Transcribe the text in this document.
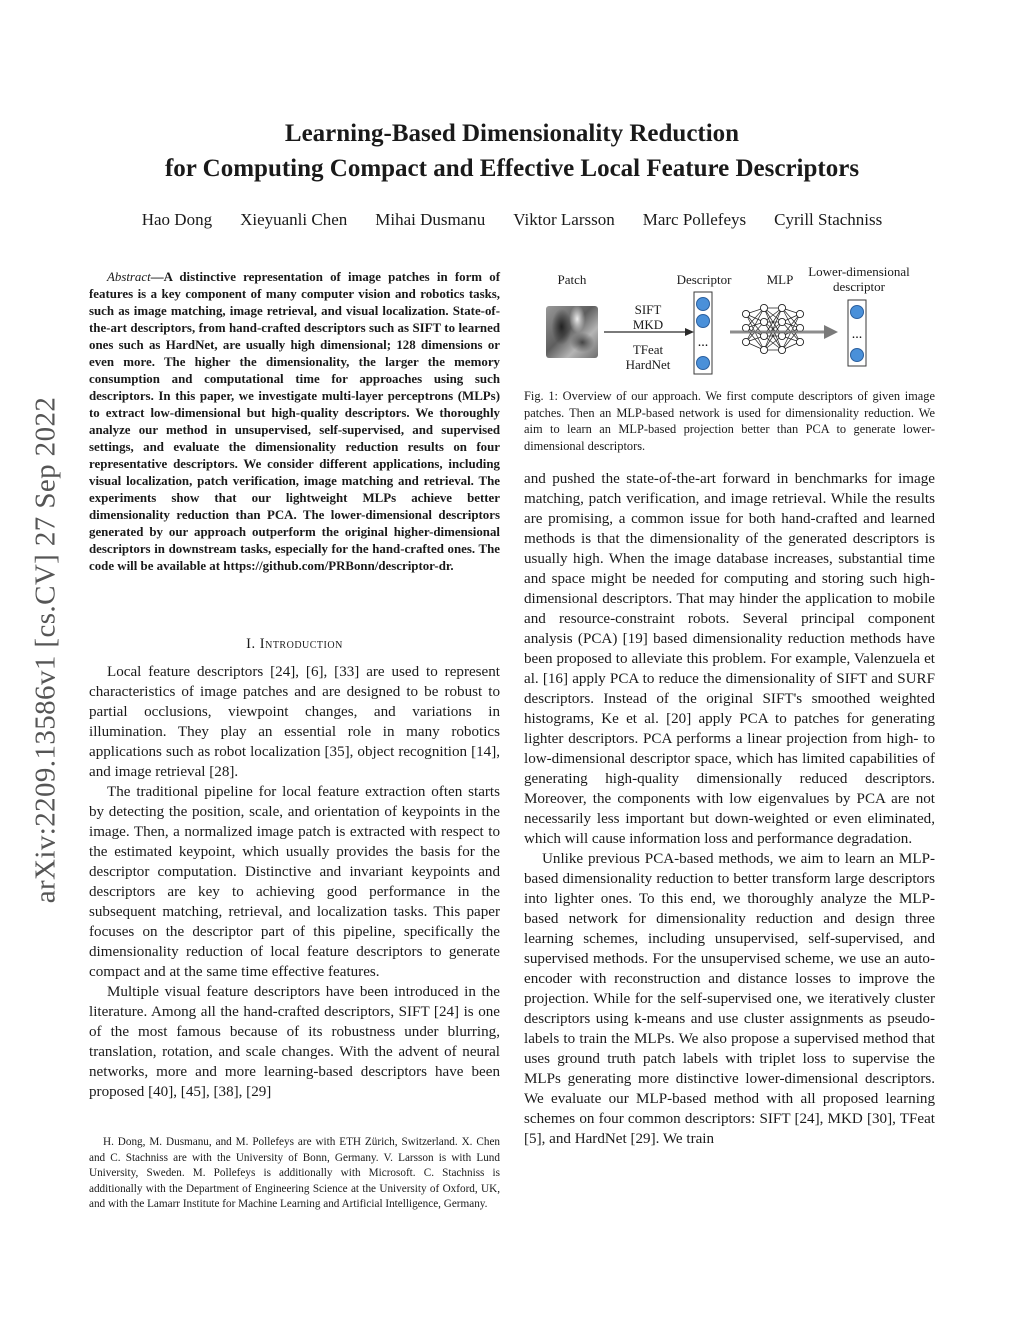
arXiv:2209.13586v1 [cs.CV] 27 Sep 2022
Learning-Based Dimensionality Reduction
for Computing Compact and Effective Local Feature Descriptors
Hao Dong Xieyuanli Chen Mihai Dusmanu Viktor Larsson Marc Pollefeys Cyrill Stachniss

Abstract—A distinctive representation of image patches in form of features is a key component of many computer vision and robotics tasks, such as image matching, image retrieval, and visual localization. State-of-the-art descriptors, from hand-crafted descriptors such as SIFT to learned ones such as HardNet, are usually high dimensional; 128 dimensions or even more. The higher the dimensionality, the larger the memory consumption and computational time for approaches using such descriptors. In this paper, we investigate multi-layer perceptrons (MLPs) to extract low-dimensional but high-quality descriptors. We thoroughly analyze our method in unsupervised, self-supervised, and supervised settings, and evaluate the dimensionality reduction results on four representative descriptors. We consider different applications, including visual localization, patch verification, image matching and retrieval. The experiments show that our lightweight MLPs achieve better dimensionality reduction than PCA. The lower-dimensional descriptors generated by our approach outperform the original higher-dimensional descriptors in downstream tasks, especially for the hand-crafted ones. The code will be available at https://github.com/PRBonn/descriptor-dr.

I. Introduction

Local feature descriptors [24], [6], [33] are used to represent characteristics of image patches and are designed to be robust to partial occlusions, viewpoint changes, and variations in illumination. They play an essential role in many robotics applications such as robot localization [35], object recognition [14], and image retrieval [28].

The traditional pipeline for local feature extraction often starts by detecting the position, scale, and orientation of keypoints in the image. Then, a normalized image patch is extracted with respect to the estimated keypoint, which usually provides the basis for the descriptor computation. Distinctive and invariant keypoints and descriptors are key to achieving good performance in the subsequent matching, retrieval, and localization tasks. This paper focuses on the descriptor part of this pipeline, specifically the dimensionality reduction of local feature descriptors to generate compact and at the same time effective features.

Multiple visual feature descriptors have been introduced in the literature. Among all the hand-crafted descriptors, SIFT [24] is one of the most famous because of its robustness under blurring, translation, rotation, and scale changes. With the advent of neural networks, more and more learning-based descriptors have been proposed [40], [45], [38], [29]

H. Dong, M. Dusmanu, and M. Pollefeys are with ETH Zürich, Switzerland. X. Chen and C. Stachniss are with the University of Bonn, Germany. V. Larsson is with Lund University, Sweden. M. Pollefeys is additionally with Microsoft. C. Stachniss is additionally with the Department of Engineering Science at the University of Oxford, UK, and with the Lamarr Institute for Machine Learning and Artificial Intelligence, Germany.

Patch
SIFT
MKD
TFeat
HardNet
Descriptor	MLP
Lower-dimensional
descriptor
...
...

Fig. 1: Overview of our approach. We first compute descriptors of given image patches. Then an MLP-based network is used for dimensionality reduction. We aim to learn an MLP-based projection better than PCA to generate lower-dimensional descriptors.

and pushed the state-of-the-art forward in benchmarks for image matching, patch verification, and image retrieval. While the results are promising, a common issue for both hand-crafted and learned methods is that the dimensionality of the generated descriptors is usually high. When the image database increases, substantial time and space might be needed for computing and storing such high-dimensional descriptors. That may hinder the application to mobile and resource-constraint robots. Several principal component analysis (PCA) [19] based dimensionality reduction methods have been proposed to alleviate this problem. For example, Valenzuela et al. [16] apply PCA to reduce the dimensionality of SIFT and SURF descriptors. Instead of the original SIFT's smoothed weighted histograms, Ke et al. [20] apply PCA to patches for generating lighter descriptors. PCA performs a linear projection from high- to low-dimensional descriptor space, which has limited capabilities of generating high-quality dimensionally reduced descriptors. Moreover, the components with low eigenvalues by PCA are not necessarily less important but down-weighted or even eliminated, which will cause information loss and performance degradation.

Unlike previous PCA-based methods, we aim to learn an MLP-based dimensionality reduction to better transform large descriptors into lighter ones. To this end, we thoroughly analyze the MLP-based network for dimensionality reduction and design three learning schemes, including unsupervised, self-supervised, and supervised methods. For the unsupervised scheme, we use an auto-encoder with reconstruction and distance losses to improve the projection. While for the self-supervised one, we iteratively cluster descriptors using k-means and use cluster assignments as pseudo-labels to train the MLPs. We also propose a supervised method that uses ground truth patch labels with triplet loss to supervise the MLPs generating more distinctive lower-dimensional descriptors. We evaluate our MLP-based method with all proposed learning schemes on four common descriptors: SIFT [24], MKD [30], TFeat [5], and HardNet [29]. We train
